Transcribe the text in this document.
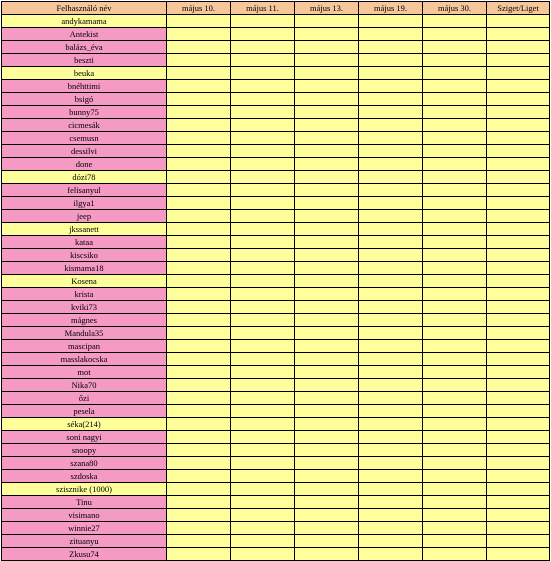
Felhasználó név	május 10.	május 11.	május 13.	május 19.	május 30.	Sziget/Liget
andykamama						
Antekist						
balázs_éva						
beszti						
beuka						
bnéhttimi						
bsigó						
bunny75						
cicmesák						
csemusn						
dessilvi						
done						
dózi78						
felisanyul						
ilgya1						
jeep						
jkssanett						
kataa						
kiscsiko						
kismama18						
Kosena						
kristа						
kviki73						
mágnes						
Mandula35						
mascipan						
masslakocska						
mot						
Nika70						
őzi						
pesela						
séka(214)						
soni nagyi						
snoopy						
szana80						
szdoska						
szisznike (1000)						
Tinu						
visimano						
winnie27						
zituanyu						
Zkusu74						
